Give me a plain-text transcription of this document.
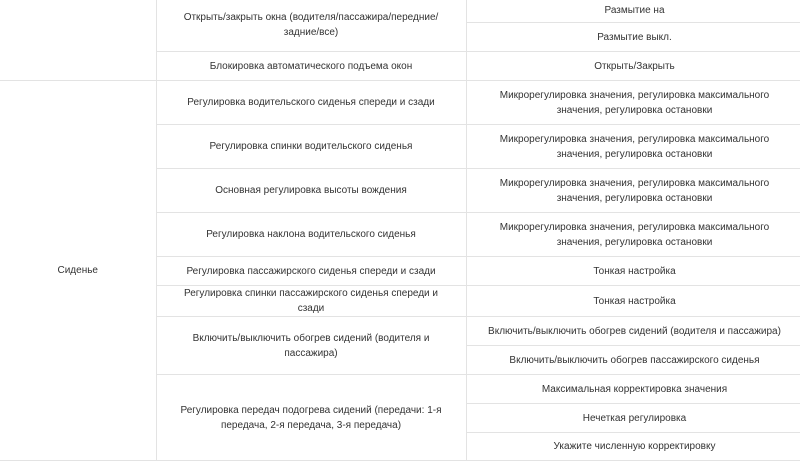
	Открыть/закрыть окна (водителя/пассажира/передние/задние/все)	Размытие на
		Размытие выкл.
	Блокировка автоматического подъема окон	Открыть/Закрыть
Сиденье	Регулировка водительского сиденья спереди и сзади	Микрорегулировка значения, регулировка максимального значения, регулировка остановки
	Регулировка спинки водительского сиденья	Микрорегулировка значения, регулировка максимального значения, регулировка остановки
	Основная регулировка высоты вождения	Микрорегулировка значения, регулировка максимального значения, регулировка остановки
	Регулировка наклона водительского сиденья	Микрорегулировка значения, регулировка максимального значения, регулировка остановки
	Регулировка пассажирского сиденья спереди и сзади	Тонкая настройка
	Регулировка спинки пассажирского сиденья спереди и сзади	Тонкая настройка
	Включить/выключить обогрев сидений (водителя и пассажира)	Включить/выключить обогрев сидений (водителя и пассажира)
		Включить/выключить обогрев пассажирского сиденья
	Регулировка передач подогрева сидений (передачи: 1-я передача, 2-я передача, 3-я передача)	Максимальная корректировка значения
		Нечеткая регулировка
		Укажите численную корректировку
